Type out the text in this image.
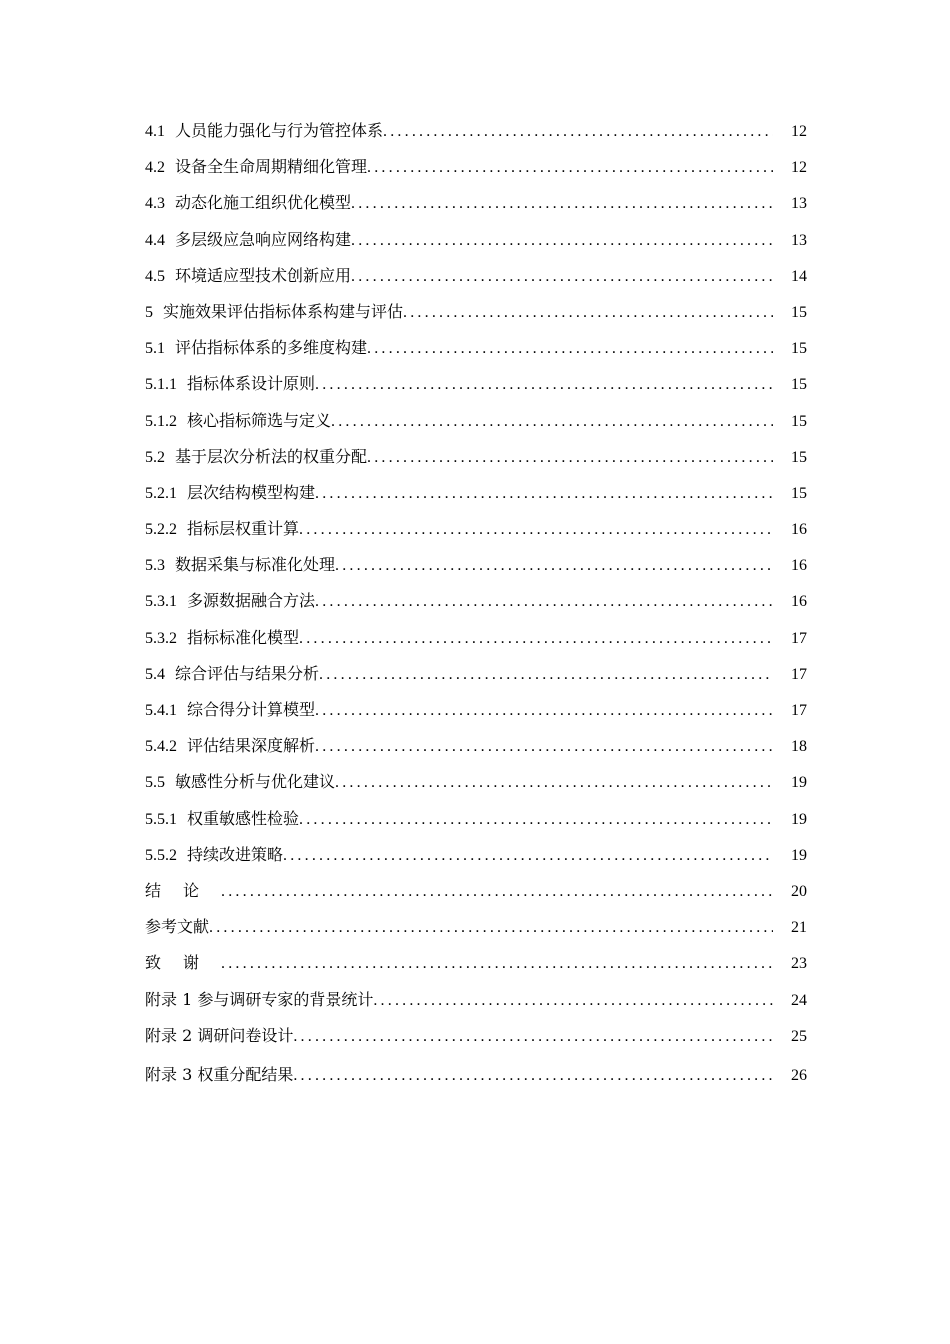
4.1 人员能力强化与行为管控体系 .....	12
4.2 设备全生命周期精细化管理 .....	12
4.3 动态化施工组织优化模型 .....	13
4.4 多层级应急响应网络构建 .....	13
4.5 环境适应型技术创新应用 .....	14
5 实施效果评估指标体系构建与评估 .....	15
5.1 评估指标体系的多维度构建 .....	15
5.1.1 指标体系设计原则 .....	15
5.1.2 核心指标筛选与定义 .....	15
5.2 基于层次分析法的权重分配 .....	15
5.2.1 层次结构模型构建 .....	15
5.2.2 指标层权重计算 .....	16
5.3 数据采集与标准化处理 .....	16
5.3.1 多源数据融合方法 .....	16
5.3.2 指标标准化模型 .....	17
5.4 综合评估与结果分析 .....	17
5.4.1 综合得分计算模型 .....	17
5.4.2 评估结果深度解析 .....	18
5.5 敏感性分析与优化建议 .....	19
5.5.1 权重敏感性检验 .....	19
5.5.2 持续改进策略 .....	19
结论 .....	20
参考文献 .....	21
致谢 .....	23
附录 1 参与调研专家的背景统计 .....	24
附录 2 调研问卷设计 .....	25
附录 3 权重分配结果 .....	26
